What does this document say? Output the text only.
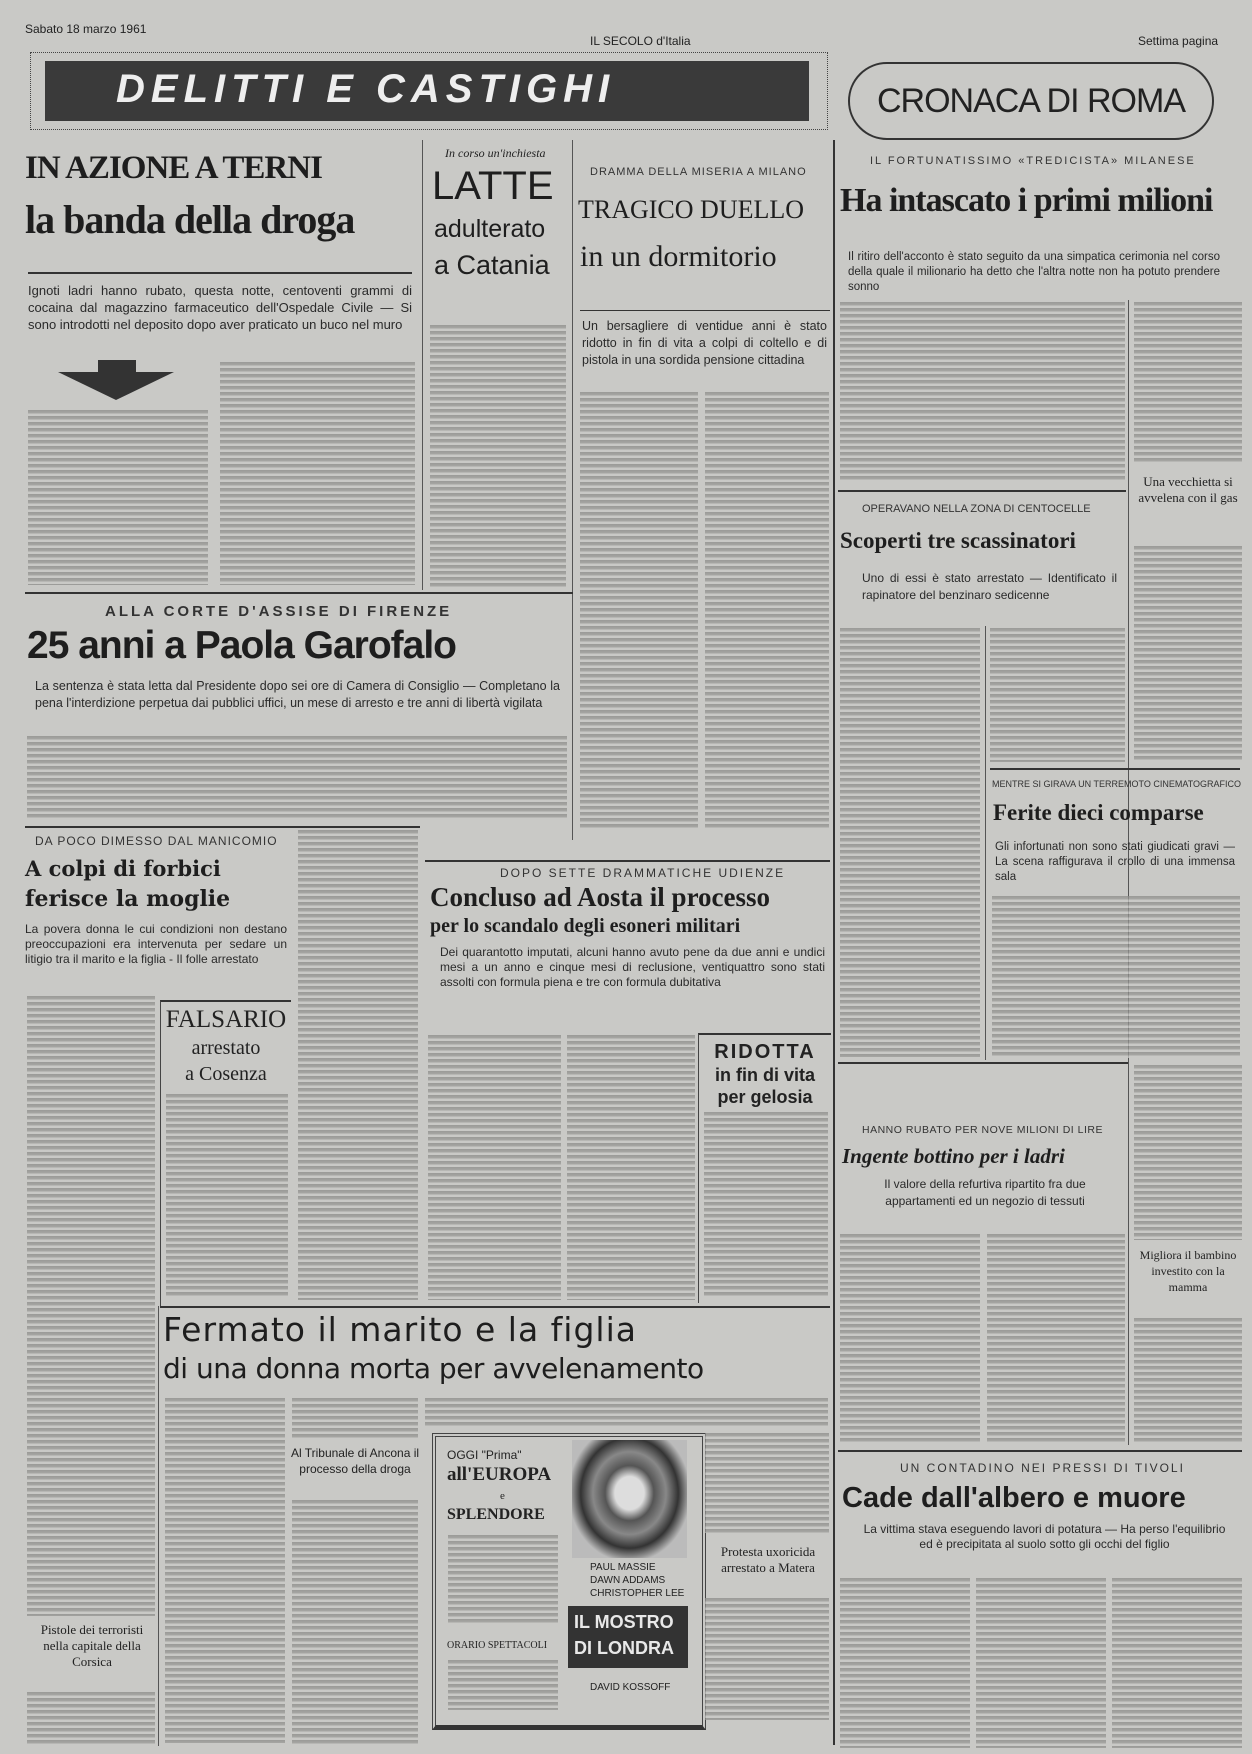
Sabato 18 marzo 1961
IL SECOLO d'Italia	Settima pagina
DELITTI E CASTIGHI	CRONACA DI ROMA
IN AZIONE A TERNI
la banda della droga
Ignoti ladri hanno rubato, questa notte, centoventi grammi di cocaina dal magazzino farmaceutico dell'Ospedale Civile — Si sono introdotti nel deposito dopo aver praticato un buco nel muro
In corso un'inchiesta
LATTE
adulterato
a Catania
DRAMMA DELLA MISERIA A MILANO
TRAGICO DUELLO
in un dormitorio
Un bersagliere di ventidue anni è stato ridotto in fin di vita a colpi di coltello e di pistola in una sordida pensione cittadina
IL FORTUNATISSIMO «TREDICISTA» MILANESE
Ha intascato i primi milioni
Il ritiro dell'acconto è stato seguito da una simpatica cerimonia nel corso della quale il milionario ha detto che l'altra notte non ha potuto prendere sonno
Una vecchietta si avvelena con il gas
OPERAVANO NELLA ZONA DI CENTOCELLE
Scoperti tre scassinatori
Uno di essi è stato arrestato — Identificato il rapinatore del benzinaro sedicenne
MENTRE SI GIRAVA UN TERREMOTO CINEMATOGRAFICO
Ferite dieci comparse
Gli infortunati non sono stati giudicati gravi — La scena raffigurava il crollo di una immensa sala
ALLA CORTE D'ASSISE DI FIRENZE
25 anni a Paola Garofalo
La sentenza è stata letta dal Presidente dopo sei ore di Camera di Consiglio — Completano la pena l'interdizione perpetua dai pubblici uffici, un mese di arresto e tre anni di libertà vigilata
DA POCO DIMESSO DAL MANICOMIO
A colpi di forbici
ferisce la moglie
La povera donna le cui condizioni non destano preoccupazioni era intervenuta per sedare un litigio tra il marito e la figlia - Il folle arrestato
Pistole dei terroristi nella capitale della Corsica
FALSARIO
arrestato
a Cosenza
DOPO SETTE DRAMMATICHE UDIENZE
Concluso ad Aosta il processo
per lo scandalo degli esoneri militari
Dei quarantotto imputati, alcuni hanno avuto pene da due anni e undici mesi a un anno e cinque mesi di reclusione, ventiquattro sono stati assolti con formula piena e tre con formula dubitativa
RIDOTTA
in fin di vita
per gelosia
HANNO RUBATO PER NOVE MILIONI DI LIRE
Ingente bottino per i ladri
Il valore della refurtiva ripartito fra due appartamenti ed un negozio di tessuti
Migliora il bambino investito con la mamma
UN CONTADINO NEI PRESSI DI TIVOLI
Cade dall'albero e muore
La vittima stava eseguendo lavori di potatura — Ha perso l'equilibrio ed è precipitata al suolo sotto gli occhi del figlio
Fermato il marito e la figlia
di una donna morta per avvelenamento
Al Tribunale di Ancona il processo della droga
OGGI "Prima"
all'EUROPA
e
SPLENDORE
ORARIO SPETTACOLI
PAUL MASSIE
DAWN ADDAMS
CHRISTOPHER LEE
IL MOSTRO
DI LONDRA
DAVID KOSSOFF
Protesta uxoricida arrestato a Matera
